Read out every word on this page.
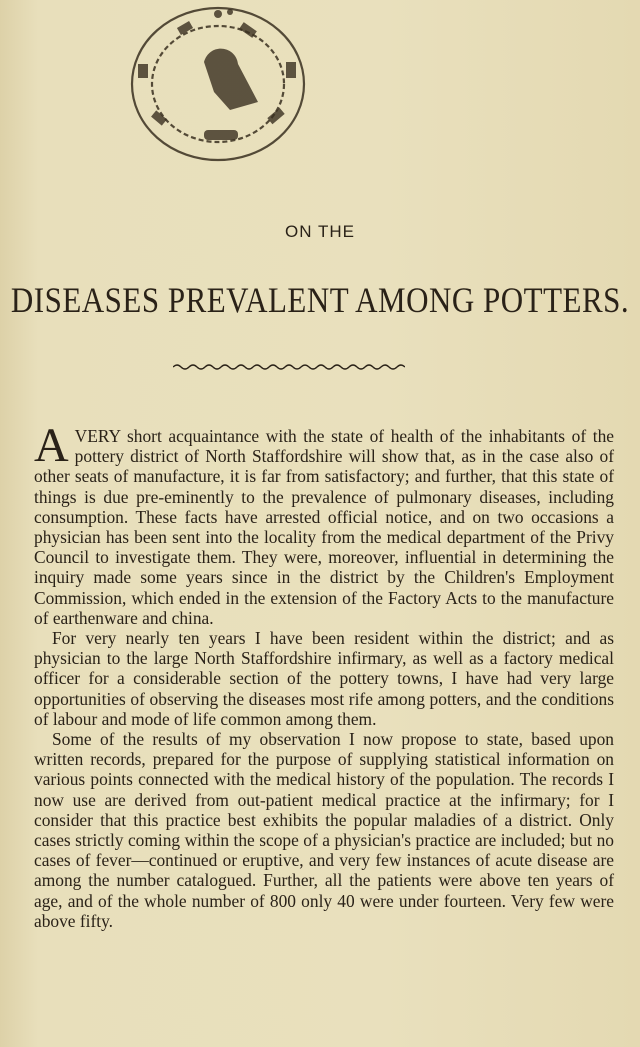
ON THE
DISEASES PREVALENT AMONG POTTERS.

AVERY short acquaintance with the state of health of the inhabitants of the pottery district of North Staffordshire will show that, as in the case also of other seats of manufacture, it is far from satisfactory; and further, that this state of things is due pre-eminently to the prevalence of pulmonary diseases, including consumption. These facts have arrested official notice, and on two occasions a physician has been sent into the locality from the medical department of the Privy Council to investigate them. They were, moreover, influential in determining the inquiry made some years since in the district by the Children's Employment Commission, which ended in the extension of the Factory Acts to the manufacture of earthenware and china.

For very nearly ten years I have been resident within the district; and as physician to the large North Staffordshire infirmary, as well as a factory medical officer for a considerable section of the pottery towns, I have had very large opportunities of observing the diseases most rife among potters, and the conditions of labour and mode of life common among them.

Some of the results of my observation I now propose to state, based upon written records, prepared for the purpose of supplying statistical information on various points connected with the medical history of the population. The records I now use are derived from out-patient medical practice at the infirmary; for I consider that this practice best exhibits the popular maladies of a district. Only cases strictly coming within the scope of a physician's practice are included; but no cases of fever—continued or eruptive, and very few instances of acute disease are among the number catalogued. Further, all the patients were above ten years of age, and of the whole number of 800 only 40 were under fourteen. Very few were above fifty.
